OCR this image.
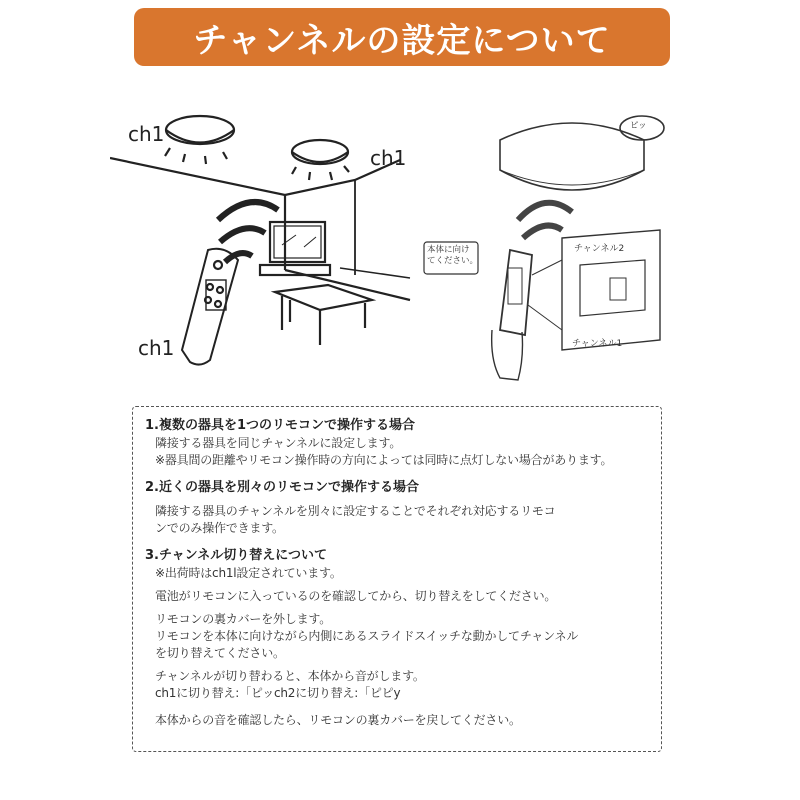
チャンネルの設定について
ch1
ch1
ch1
ピッ
本体に向け
てください。
チャンネル2
チャンネル1

1.複数の器具を1つのリモコンで操作する場合

隣接する器具を同じチャンネルに設定します。

※器具間の距離やリモコン操作時の方向によっては同時に点灯しない場合があります。

2.近くの器具を別々のリモコンで操作する場合

隣接する器具のチャンネルを別々に設定することでそれぞれ対応するリモコ

ンでのみ操作できます。

3.チャンネル切り替えについて

※出荷時はch1l設定されています。

電池がリモコンに入っているのを確認してから、切り替えをしてください。

リモコンの裏カバーを外します。

リモコンを本体に向けながら内側にあるスライドスイッチな動かしてチャンネル

を切り替えてください。

チャンネルが切り替わると、本体から音がします。

ch1に切り替え:「ピッch2に切り替え:「ピピy

本体からの音を確認したら、リモコンの裏カバーを戻してください。
